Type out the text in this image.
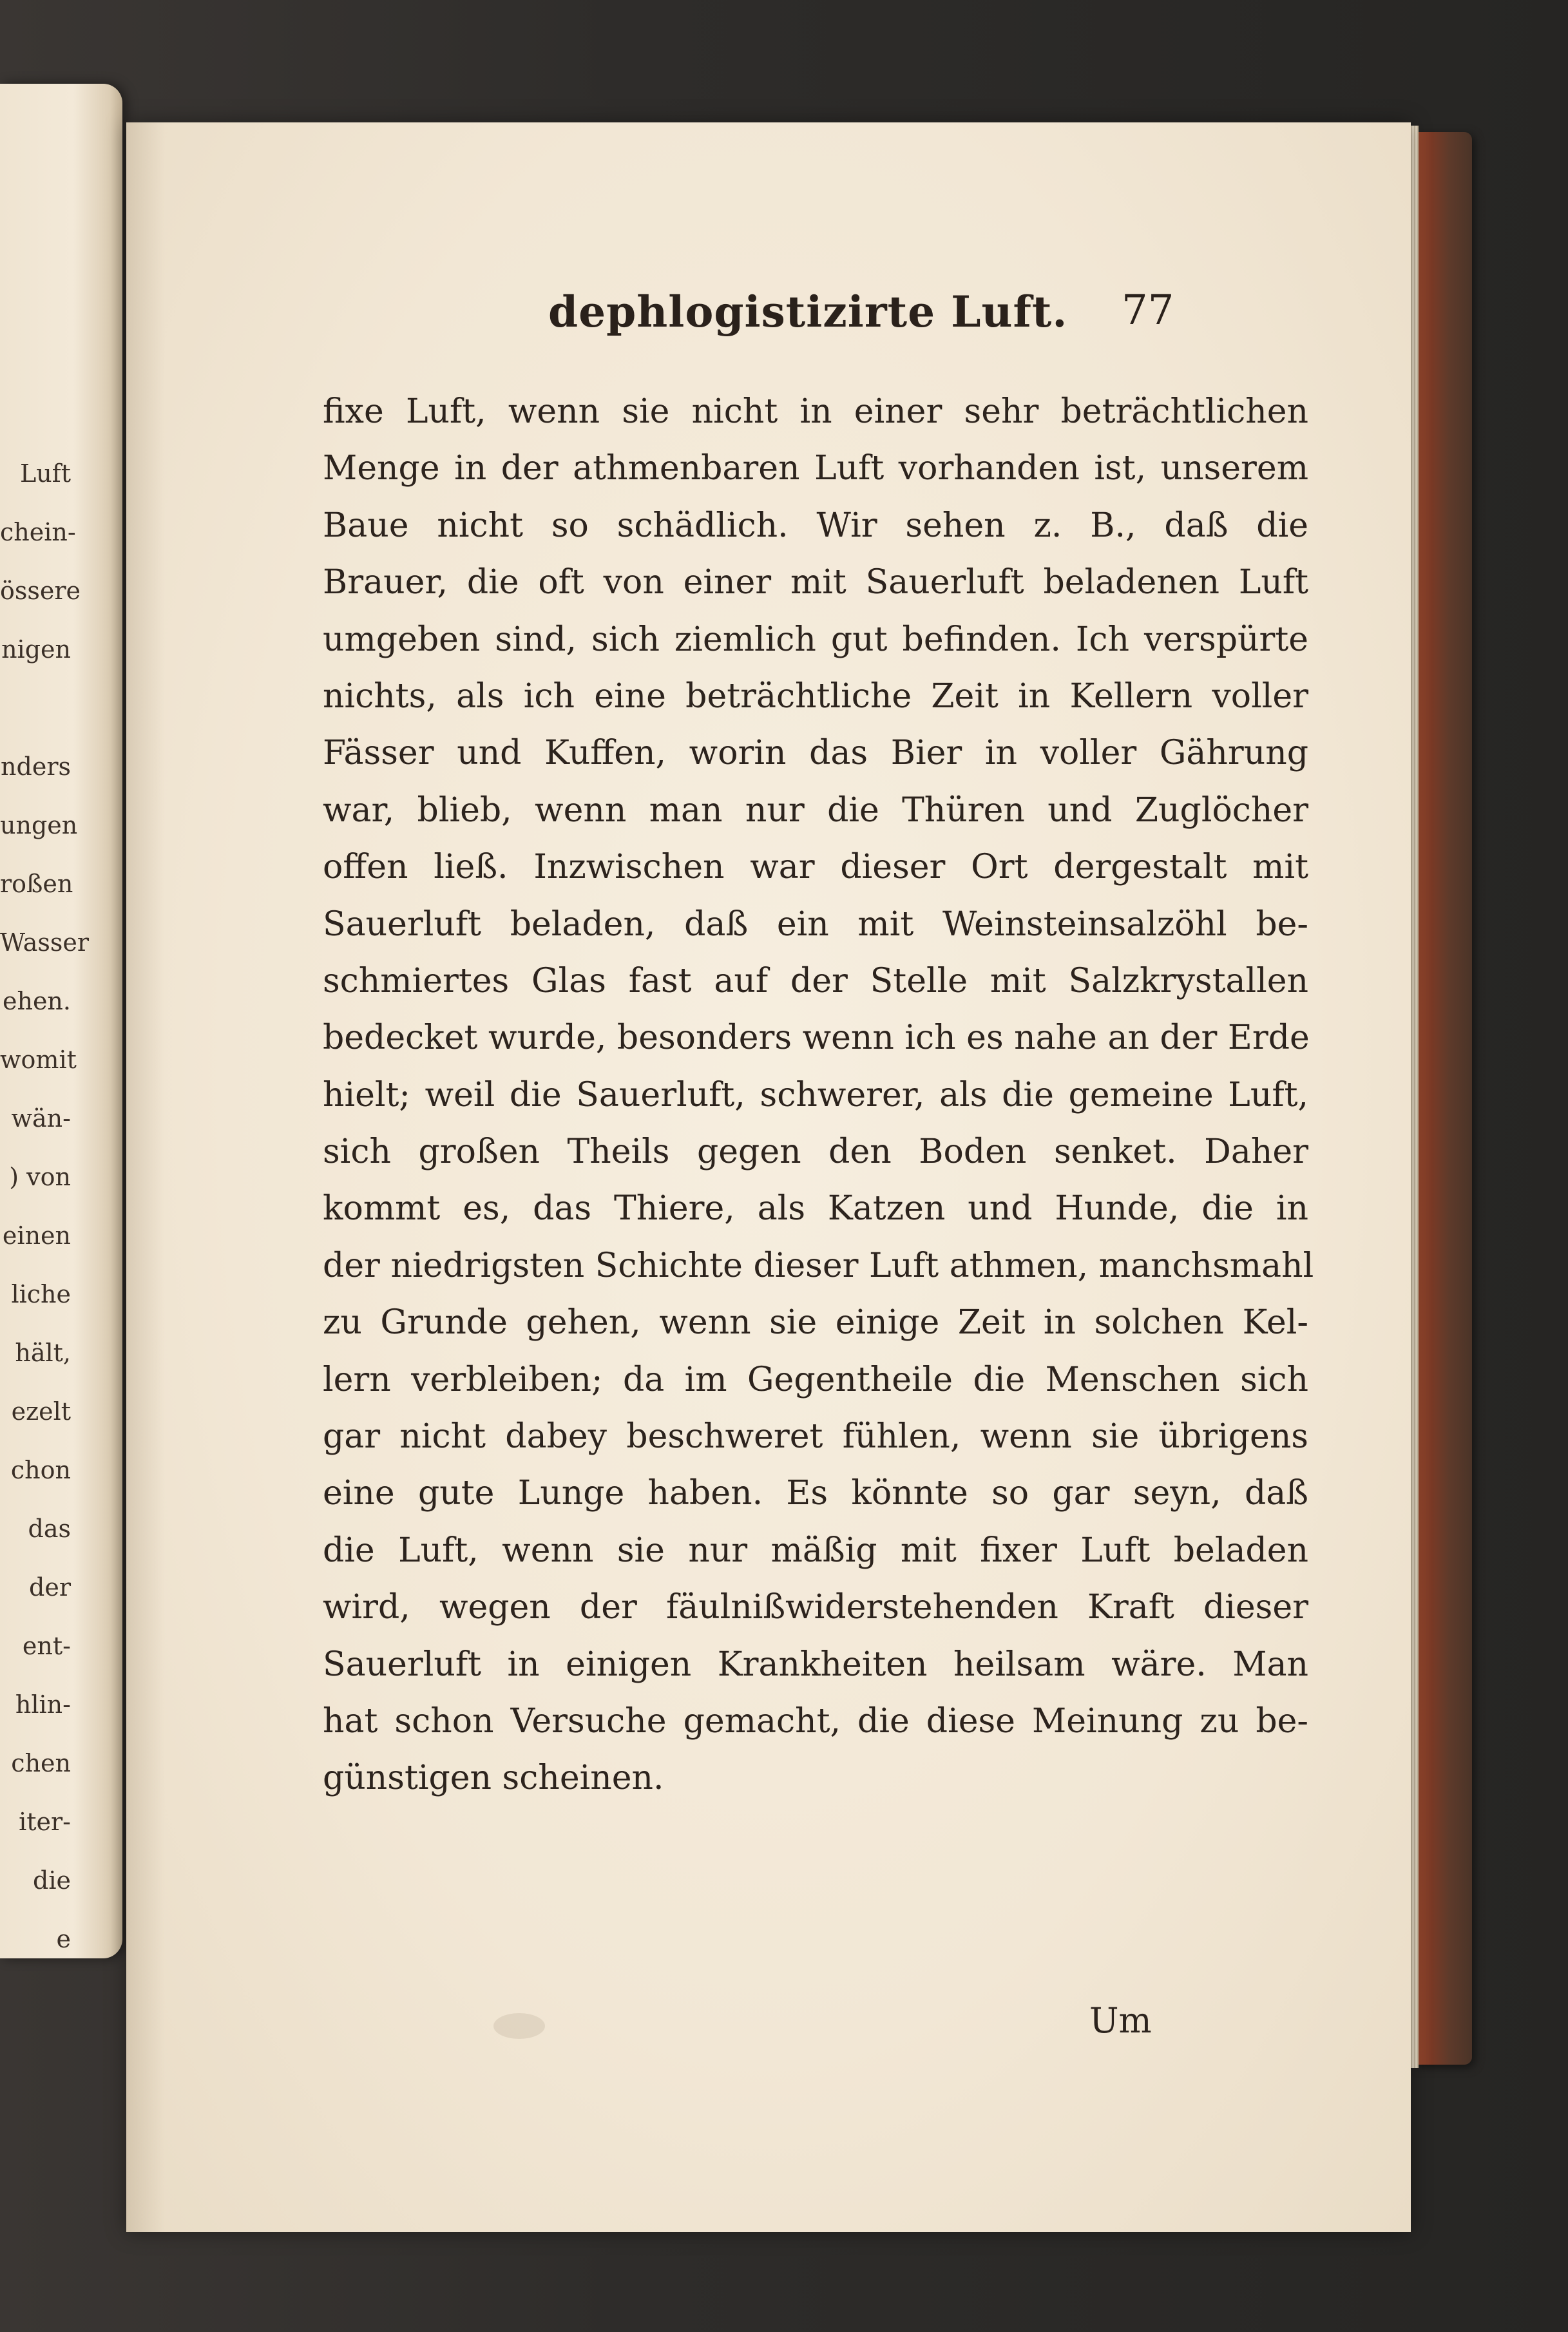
Luft
chein-
össere
nigen
nders
ungen
roßen
Wasser
ehen.
womit
wän-
) von
einen
liche
hält,
ezelt
chon
das
der
ent-
hlin-
chen
iter-
die
e
dephlogistizirte Luft. 77
fixe Luft, wenn sie nicht in einer sehr beträchtlichen
Menge in der athmenbaren Luft vorhanden ist, unserem
Baue nicht so schädlich. Wir sehen z. B., daß die
Brauer, die oft von einer mit Sauerluft beladenen Luft
umgeben sind, sich ziemlich gut befinden. Ich verspürte
nichts, als ich eine beträchtliche Zeit in Kellern voller
Fässer und Kuffen, worin das Bier in voller Gährung
war, blieb, wenn man nur die Thüren und Zuglöcher
offen ließ. Inzwischen war dieser Ort dergestalt mit
Sauerluft beladen, daß ein mit Weinsteinsalzöhl be-
schmiertes Glas fast auf der Stelle mit Salzkrystallen
bedecket wurde, besonders wenn ich es nahe an der Erde
hielt; weil die Sauerluft, schwerer, als die gemeine Luft,
sich großen Theils gegen den Boden senket. Daher
kommt es, das Thiere, als Katzen und Hunde, die in
der niedrigsten Schichte dieser Luft athmen, manchsmahl
zu Grunde gehen, wenn sie einige Zeit in solchen Kel-
lern verbleiben; da im Gegentheile die Menschen sich
gar nicht dabey beschweret fühlen, wenn sie übrigens
eine gute Lunge haben. Es könnte so gar seyn, daß
die Luft, wenn sie nur mäßig mit fixer Luft beladen
wird, wegen der fäulnißwiderstehenden Kraft dieser
Sauerluft in einigen Krankheiten heilsam wäre. Man
hat schon Versuche gemacht, die diese Meinung zu be-
günstigen scheinen.
Um
